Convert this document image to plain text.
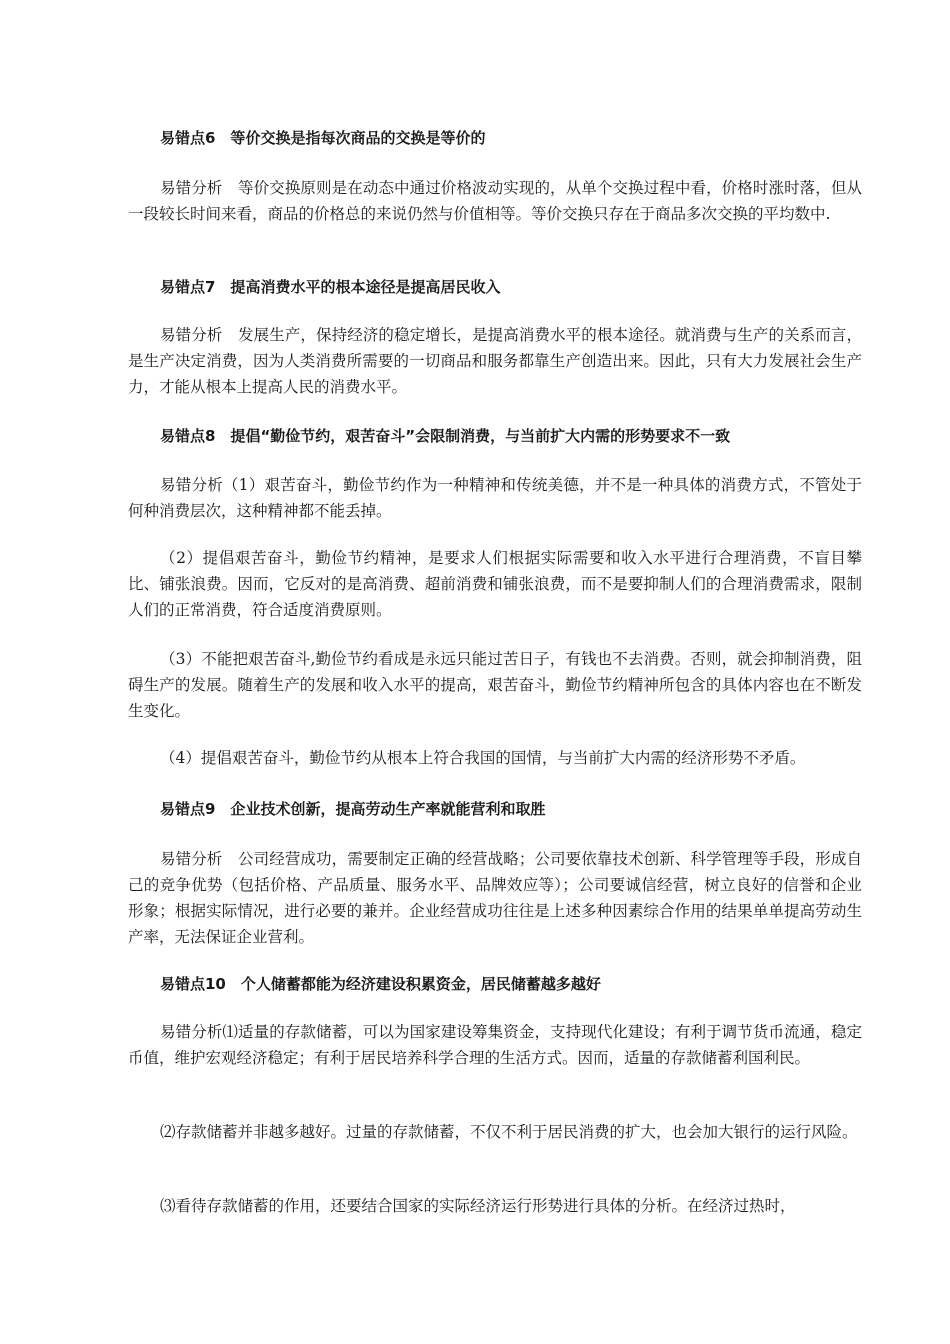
易错点6　等价交换是指每次商品的交换是等价的

易错分析　等价交换原则是在动态中通过价格波动实现的，从单个交换过程中看，价格时涨时落，但从一段较长时间来看，商品的价格总的来说仍然与价值相等。等价交换只存在于商品多次交换的平均数中.

易错点7　提高消费水平的根本途径是提高居民收入

易错分析　发展生产，保持经济的稳定增长，是提高消费水平的根本途径。就消费与生产的关系而言，是生产决定消费，因为人类消费所需要的一切商品和服务都靠生产创造出来。因此，只有大力发展社会生产力，才能从根本上提高人民的消费水平。

易错点8　提倡“勤俭节约，艰苦奋斗”会限制消费，与当前扩大内需的形势要求不一致

易错分析（1）艰苦奋斗，勤俭节约作为一种精神和传统美德，并不是一种具体的消费方式，不管处于何种消费层次，这种精神都不能丢掉。

（2）提倡艰苦奋斗，勤俭节约精神，是要求人们根据实际需要和收入水平进行合理消费，不盲目攀比、铺张浪费。因而，它反对的是高消费、超前消费和铺张浪费，而不是要抑制人们的合理消费需求，限制人们的正常消费，符合适度消费原则。

（3）不能把艰苦奋斗,勤俭节约看成是永远只能过苦日子，有钱也不去消费。否则，就会抑制消费，阻碍生产的发展。随着生产的发展和收入水平的提高，艰苦奋斗，勤俭节约精神所包含的具体内容也在不断发生变化。

（4）提倡艰苦奋斗，勤俭节约从根本上符合我国的国情，与当前扩大内需的经济形势不矛盾。

易错点9　企业技术创新，提高劳动生产率就能营利和取胜

易错分析　公司经营成功，需要制定正确的经营战略；公司要依靠技术创新、科学管理等手段，形成自己的竞争优势（包括价格、产品质量、服务水平、品牌效应等）；公司要诚信经营，树立良好的信誉和企业形象；根据实际情况，进行必要的兼并。企业经营成功往往是上述多种因素综合作用的结果单单提高劳动生产率，无法保证企业营利。

易错点10　个人储蓄都能为经济建设积累资金，居民储蓄越多越好

易错分析⑴适量的存款储蓄，可以为国家建设筹集资金，支持现代化建设；有利于调节货币流通，稳定币值，维护宏观经济稳定；有利于居民培养科学合理的生活方式。因而，适量的存款储蓄利国利民。

⑵存款储蓄并非越多越好。过量的存款储蓄，不仅不利于居民消费的扩大，也会加大银行的运行风险。

⑶看待存款储蓄的作用，还要结合国家的实际经济运行形势进行具体的分析。在经济过热时，
